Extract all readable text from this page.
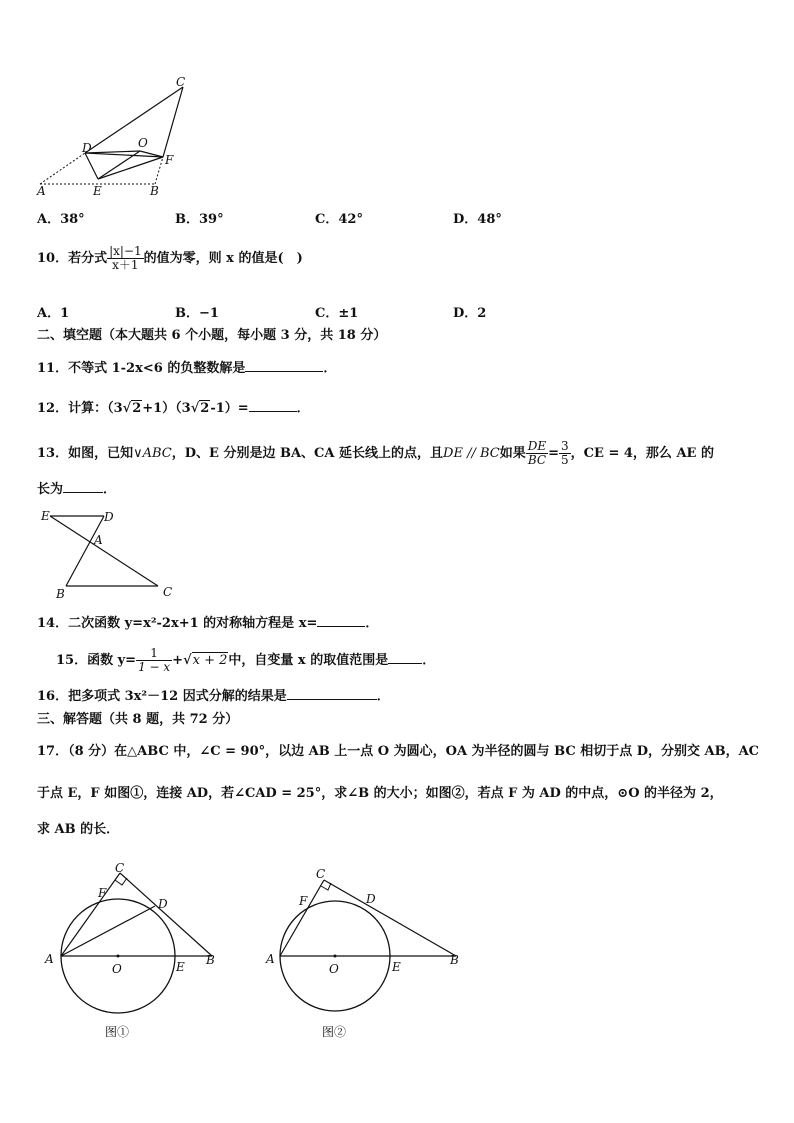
C
D	O
F
A	E	B
A．38°	B．39°	C．42°	D．48°
10．若分式 $\frac{|x|-1}{x+1}$ 的值为零，则 x 的值是(　)
A．1	B．−1	C．±1	D．2
二、填空题（本大题共 6 个小题，每小题 3 分，共 18 分）
11．不等式 1-2x<6 的负整数解是	．
12．计算：（3√2+1）（3√2-1）=	．
13．如图，已知∨ABC，D、E 分别是边 BA、CA 延长线上的点，且DE // BC如果 $\frac{DE}{BC} = \frac{3}{5}$ ，CE = 4，那么 AE 的
长为	．
E	D
A
B	C
14．二次函数 y=x²-2x+1 的对称轴方程是 x=	．
15．函数 $y= \frac{1}{1 - x} +√x + 2$中，自变量 x 的取值范围是	．
16．把多项式 3x²－12 因式分解的结果是	．
三、解答题（共 8 题，共 72 分）
17．（8 分）在△ABC 中，∠C = 90°，以边 AB 上一点 O 为圆心，OA 为半径的圆与 BC 相切于点 D，分别交 AB，AC
于点 E，F 如图①，连接 AD，若∠CAD = 25°，求∠B 的大小；如图②，若点 F 为 AD 的中点，⊙O 的半径为 2，
求 AB 的长．
C
F
D
A
O	E B
图①
C
F	D
A
O	E	B
图②
